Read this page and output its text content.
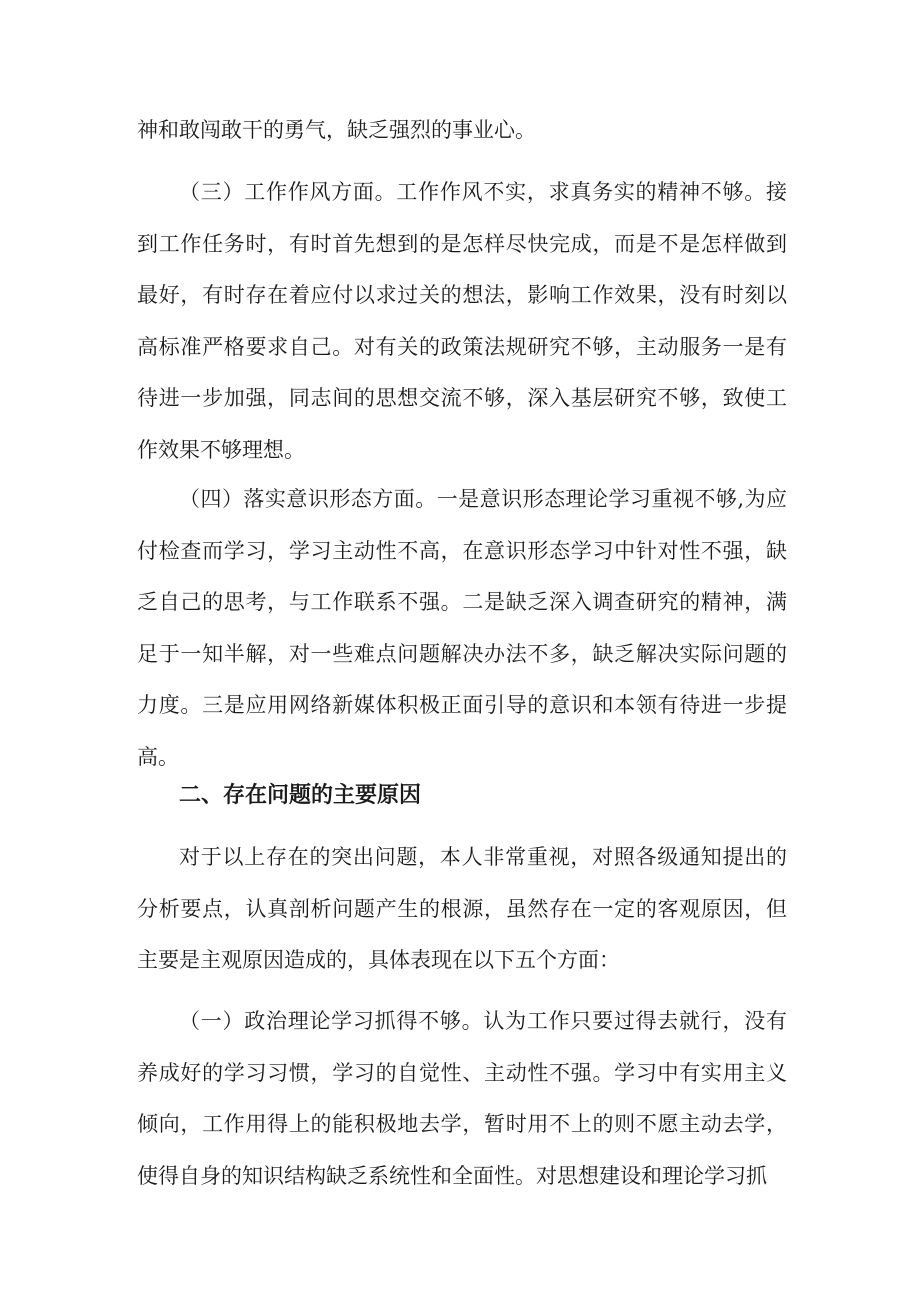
神和敢闯敢干的勇气，缺乏强烈的事业心。

（三）工作作风方面。工作作风不实，求真务实的精神不够。接到工作任务时，有时首先想到的是怎样尽快完成，而是不是怎样做到最好，有时存在着应付以求过关的想法，影响工作效果，没有时刻以高标准严格要求自己。对有关的政策法规研究不够，主动服务一是有待进一步加强，同志间的思想交流不够，深入基层研究不够，致使工作效果不够理想。

（四）落实意识形态方面。一是意识形态理论学习重视不够,为应付检查而学习，学习主动性不高，在意识形态学习中针对性不强，缺乏自己的思考，与工作联系不强。二是缺乏深入调查研究的精神，满足于一知半解，对一些难点问题解决办法不多，缺乏解决实际问题的力度。三是应用网络新媒体积极正面引导的意识和本领有待进一步提高。

二、存在问题的主要原因

对于以上存在的突出问题，本人非常重视，对照各级通知提出的分析要点，认真剖析问题产生的根源，虽然存在一定的客观原因，但主要是主观原因造成的，具体表现在以下五个方面：

（一）政治理论学习抓得不够。认为工作只要过得去就行，没有养成好的学习习惯，学习的自觉性、主动性不强。学习中有实用主义倾向，工作用得上的能积极地去学，暂时用不上的则不愿主动去学，使得自身的知识结构缺乏系统性和全面性。对思想建设和理论学习抓
